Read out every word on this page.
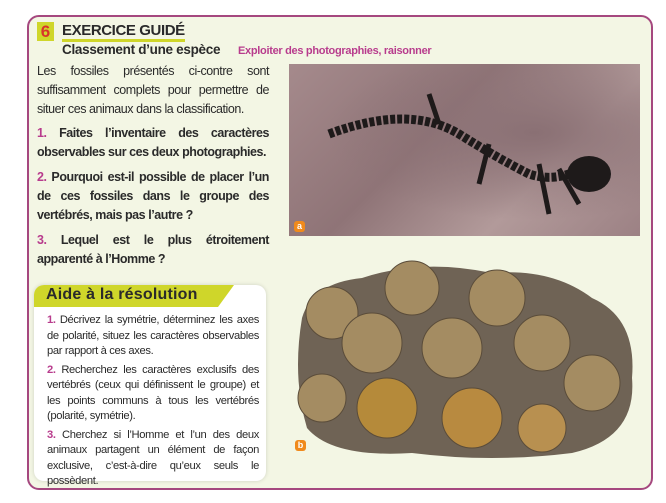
6 EXERCICE GUIDÉ
Classement d’une espèce Exploiter des photographies, raisonner
Les fossiles présentés ci-contre sont suffisamment complets pour permettre de situer ces animaux dans la classification.
1. Faites l’inventaire des caractères observables sur ces deux photographies.
2. Pourquoi est-il possible de placer l’un de ces fossiles dans le groupe des vertébrés, mais pas l’autre ?
3. Lequel est le plus étroitement apparenté à l’Homme ?
Aide à la résolution
1. Décrivez la symétrie, déterminez les axes de polarité, situez les caractères observables par rapport à ces axes.
2. Recherchez les caractères exclusifs des vertébrés (ceux qui définissent le groupe) et les points communs à tous les vertébrés (polarité, symétrie).
3. Cherchez si l’Homme et l’un des deux animaux partagent un élément de façon exclusive, c’est-à-dire qu’eux seuls le possèdent.
a
b
